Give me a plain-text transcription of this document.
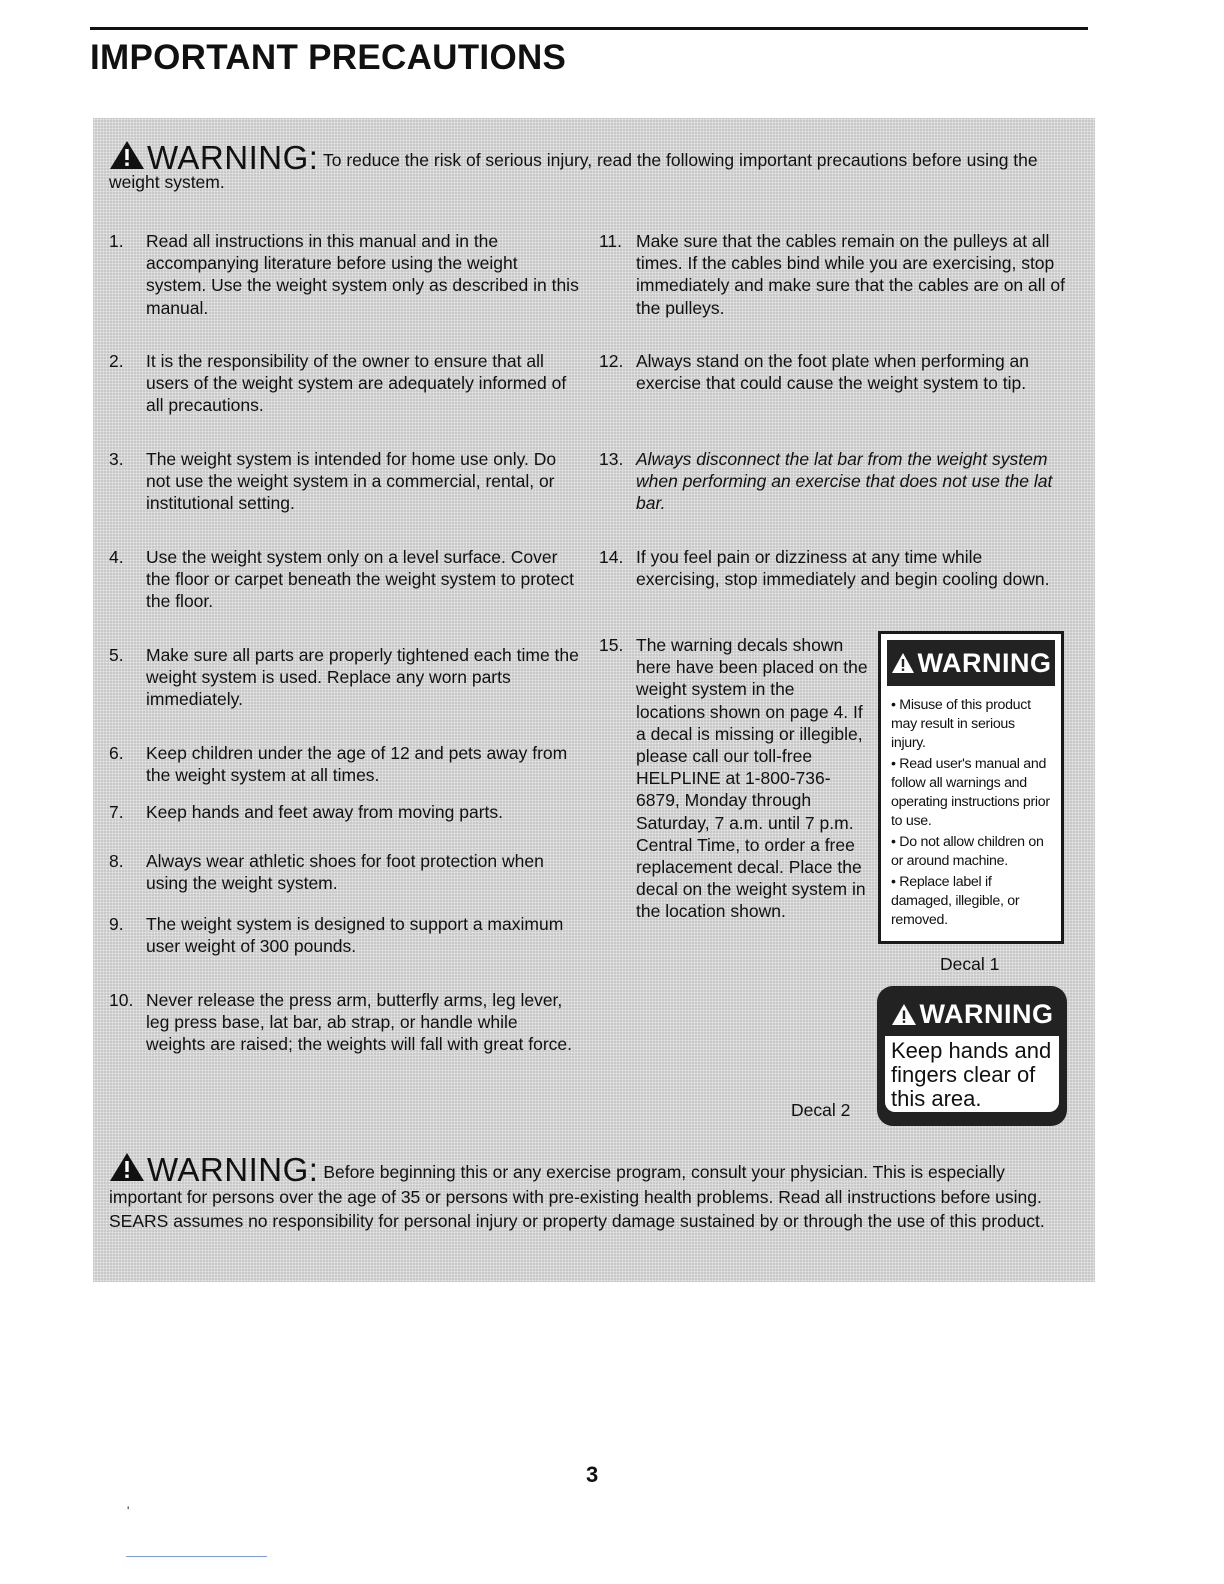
IMPORTANT PRECAUTIONS
WARNING: To reduce the risk of serious injury, read the following important precautions before using the weight system.
1.	Read all instructions in this manual and in the accompanying literature before using the weight system. Use the weight system only as described in this manual.
2.	It is the responsibility of the owner to ensure that all users of the weight system are adequately informed of all precautions.
3.	The weight system is intended for home use only. Do not use the weight system in a commercial, rental, or institutional setting.
4.	Use the weight system only on a level surface. Cover the floor or carpet beneath the weight system to protect the floor.
5.	Make sure all parts are properly tightened each time the weight system is used. Replace any worn parts immediately.
6.	Keep children under the age of 12 and pets away from the weight system at all times.
7.	Keep hands and feet away from moving parts.
8.	Always wear athletic shoes for foot protection when using the weight system.
9.	The weight system is designed to support a maximum user weight of 300 pounds.
10. Never release the press arm, butterfly arms, leg lever, leg press base, lat bar, ab strap, or handle while weights are raised; the weights will fall with great force.
11. Make sure that the cables remain on the pulleys at all times. If the cables bind while you are exercising, stop immediately and make sure that the cables are on all of the pulleys.
12. Always stand on the foot plate when performing an exercise that could cause the weight system to tip.
13. Always disconnect the lat bar from the weight system when performing an exercise that does not use the lat bar.
14. If you feel pain or dizziness at any time while exercising, stop immediately and begin cooling down.
15. The warning decals shown here have been placed on the weight system in the locations shown on page 4. If a decal is missing or illegible, please call our toll-free HELPLINE at 1-800-736-6879, Monday through Saturday, 7 a.m. until 7 p.m. Central Time, to order a free replacement decal. Place the decal on the weight system in the location shown.
WARNING
• Misuse of this product may result in serious injury.
• Read user's manual and follow all warnings and operating instructions prior to use.
• Do not allow children on or around machine.
• Replace label if damaged, illegible, or removed.
Decal 1
WARNING
Keep hands and fingers clear of this area.
Decal 2
WARNING: Before beginning this or any exercise program, consult your physician. This is especially important for persons over the age of 35 or persons with pre-existing health problems. Read all instructions before using. SEARS assumes no responsibility for personal injury or property damage sustained by or through the use of this product.
3
'
